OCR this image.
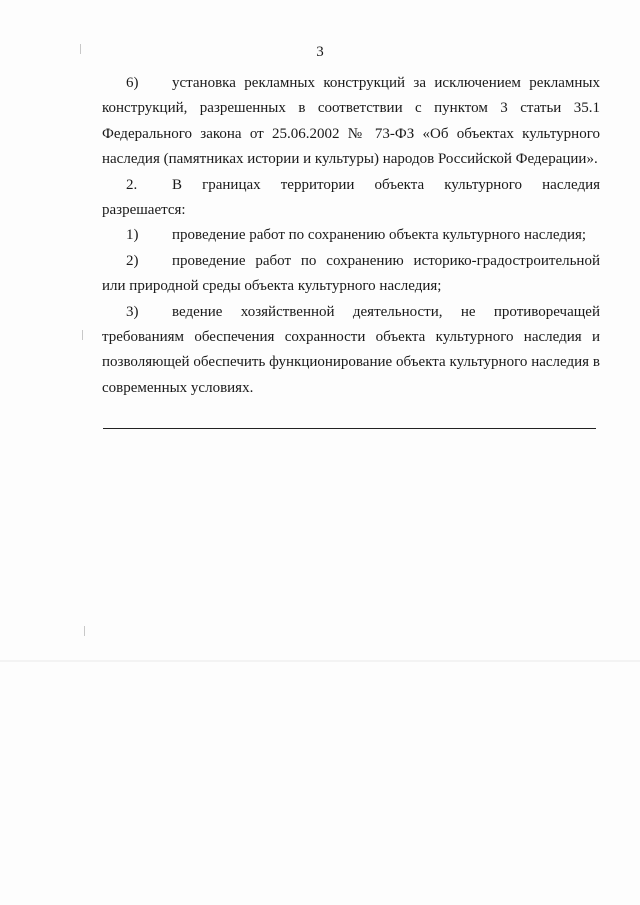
3

6) установка рекламных конструкций за исключением рекламных конструкций, разрешенных в соответствии с пунктом 3 статьи 35.1 Федерального закона от 25.06.2002 № 73-ФЗ «Об объектах культурного наследия (памятниках истории и культуры) народов Российской Федерации».

2. В границах территории объекта культурного наследия разрешается:

1) проведение работ по сохранению объекта культурного наследия;

2) проведение работ по сохранению историко-градостроительной или природной среды объекта культурного наследия;

3) ведение хозяйственной деятельности, не противоречащей требованиям обеспечения сохранности объекта культурного наследия и позволяющей обеспечить функционирование объекта культурного наследия в современных условиях.
